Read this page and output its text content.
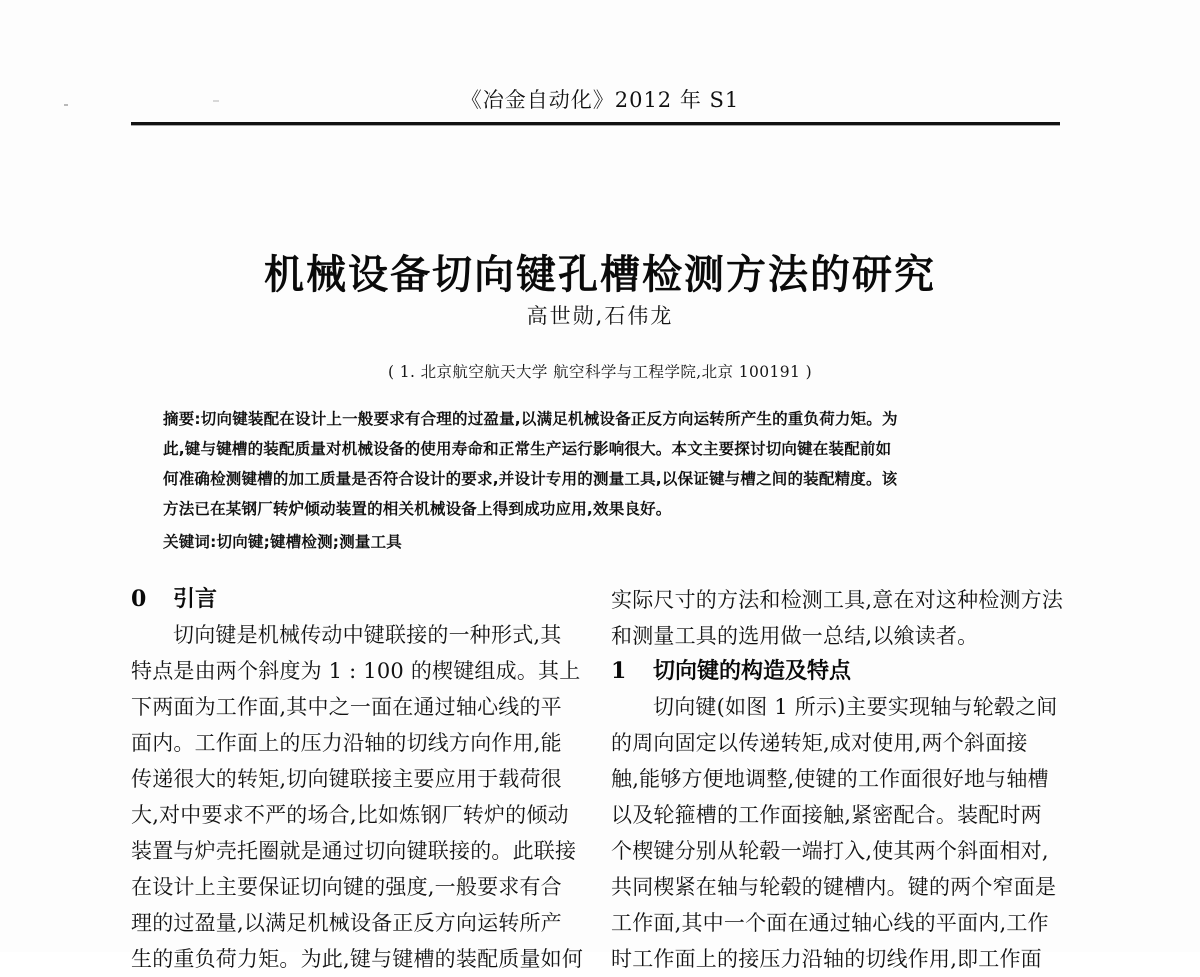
《冶金自动化》2012 年 S1
机械设备切向键孔槽检测方法的研究
高世勋,石伟龙
( 1. 北京航空航天大学 航空科学与工程学院,北京 100191 )
摘要:切向键装配在设计上一般要求有合理的过盈量,以满足机械设备正反方向运转所产生的重负荷力矩。为
此,键与键槽的装配质量对机械设备的使用寿命和正常生产运行影响很大。本文主要探讨切向键在装配前如
何准确检测键槽的加工质量是否符合设计的要求,并设计专用的测量工具,以保证键与槽之间的装配精度。该
方法已在某钢厂转炉倾动装置的相关机械设备上得到成功应用,效果良好。
关键词:切向键;键槽检测;测量工具
0 引言
切向键是机械传动中键联接的一种形式,其
特点是由两个斜度为 1 : 100 的楔键组成。其上
下两面为工作面,其中之一面在通过轴心线的平
面内。工作面上的压力沿轴的切线方向作用,能
传递很大的转矩,切向键联接主要应用于载荷很
大,对中要求不严的场合,比如炼钢厂转炉的倾动
装置与炉壳托圈就是通过切向键联接的。此联接
在设计上主要保证切向键的强度,一般要求有合
理的过盈量,以满足机械设备正反方向运转所产
生的重负荷力矩。为此,键与键槽的装配质量如何
实际尺寸的方法和检测工具,意在对这种检测方法
和测量工具的选用做一总结,以飨读者。
1 切向键的构造及特点
切向键(如图 1 所示)主要实现轴与轮毂之间
的周向固定以传递转矩,成对使用,两个斜面接
触,能够方便地调整,使键的工作面很好地与轴槽
以及轮箍槽的工作面接触,紧密配合。装配时两
个楔键分别从轮毂一端打入,使其两个斜面相对,
共同楔紧在轴与轮毂的键槽内。键的两个窄面是
工作面,其中一个面在通过轴心线的平面内,工作
时工作面上的接压力沿轴的切线作用,即工作面
